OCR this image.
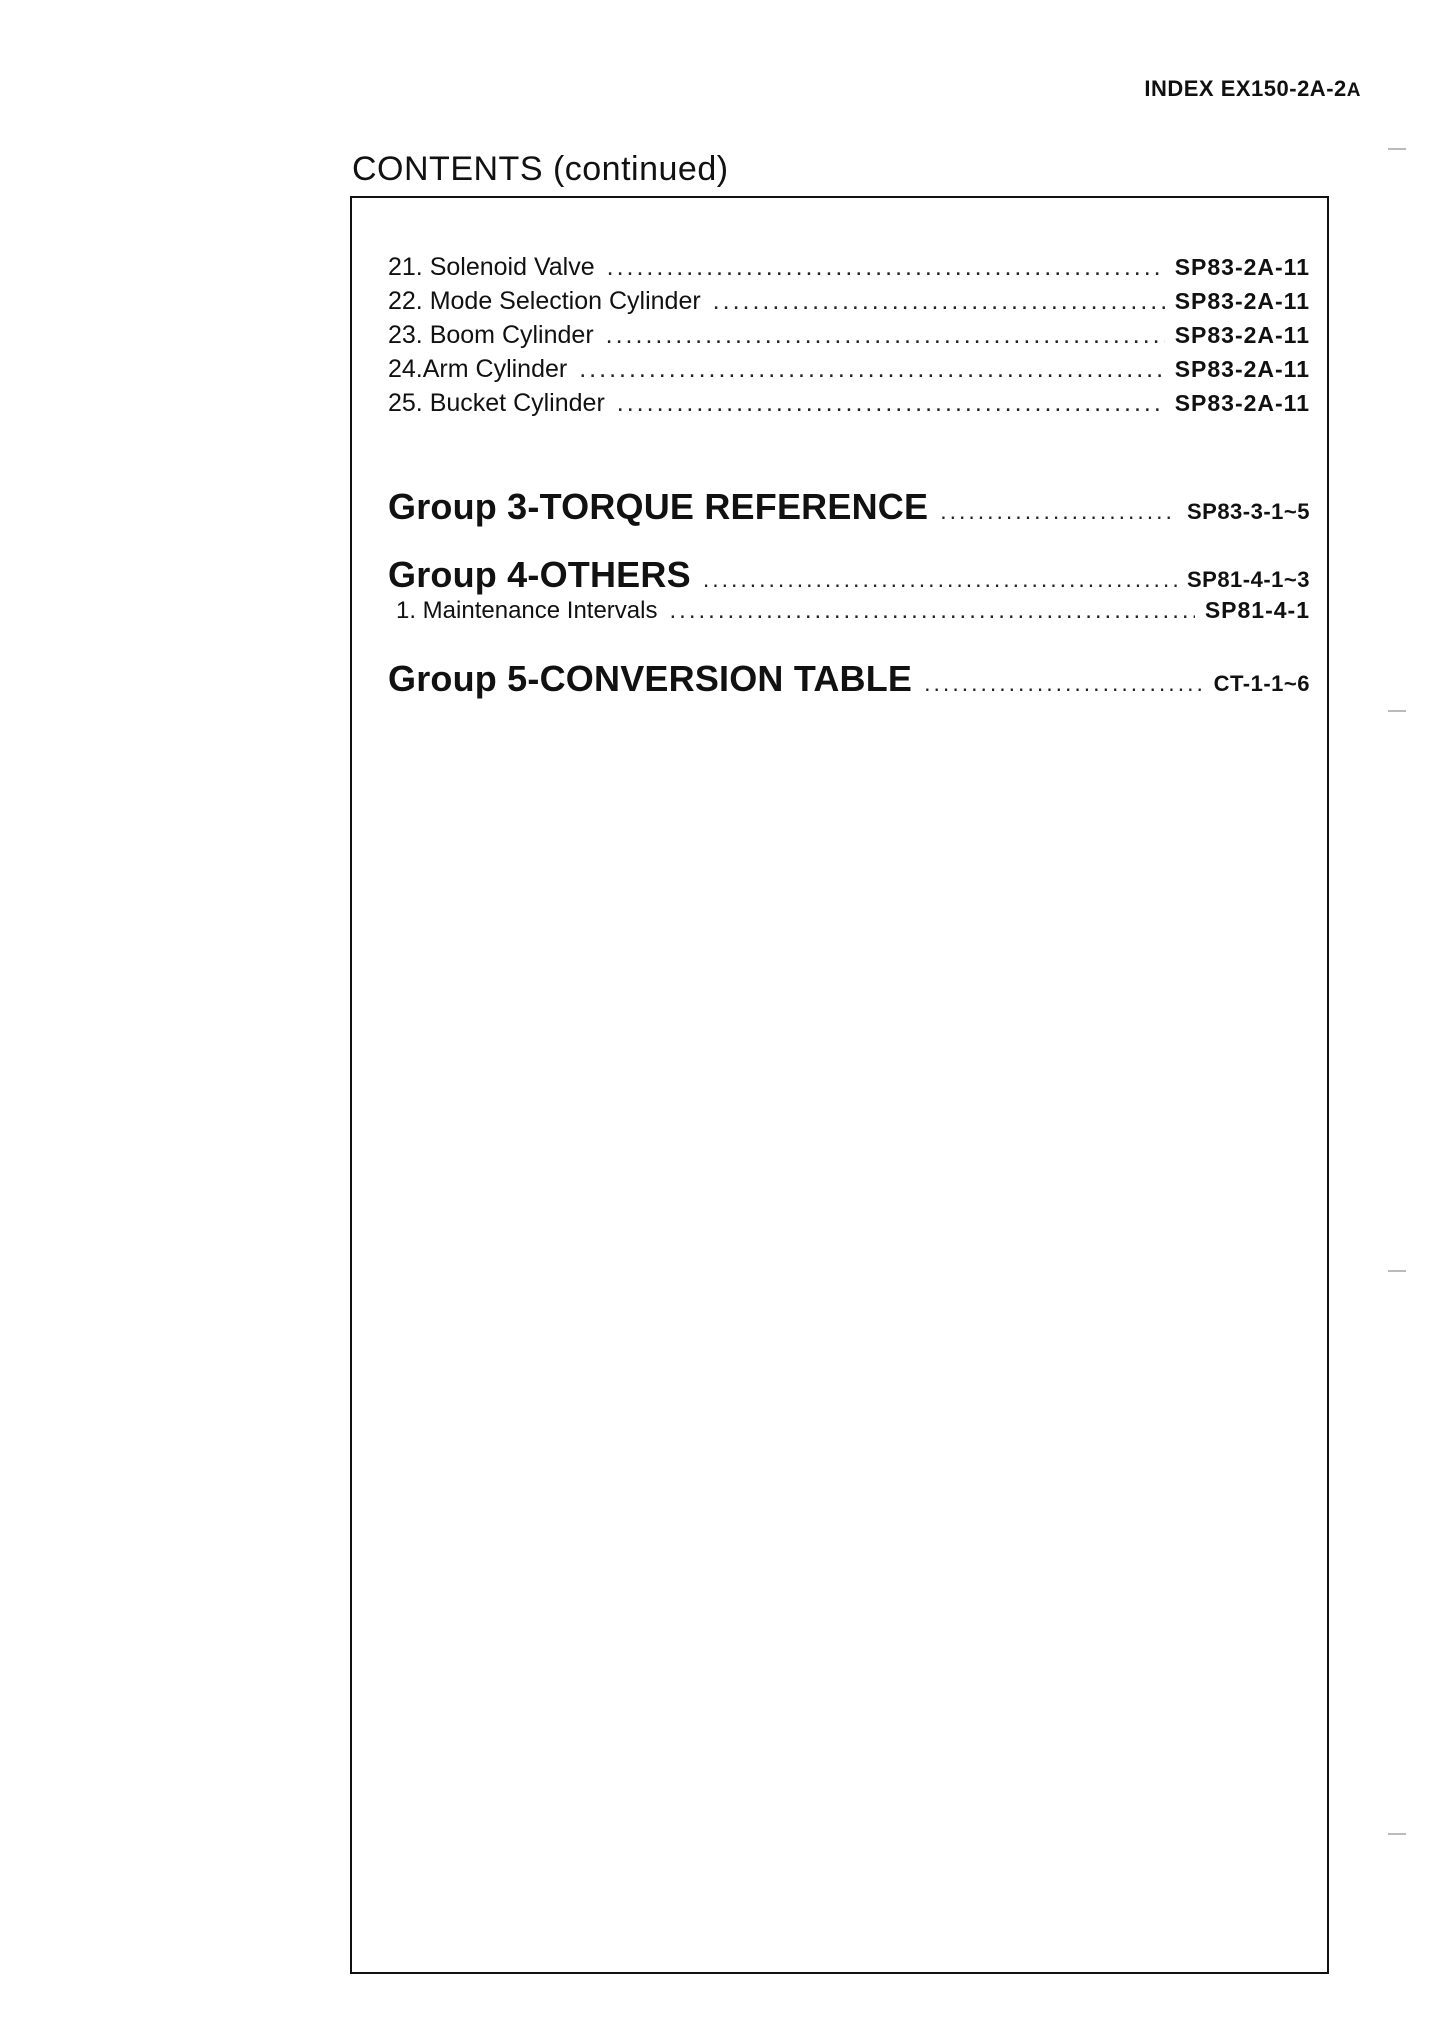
INDEX EX150-2A-2A
CONTENTS (continued)
21. Solenoid Valve .....	SP83-2A-11
22. Mode Selection Cylinder .....	SP83-2A-11
23. Boom Cylinder .....	SP83-2A-11
24.Arm Cylinder .....	SP83-2A-11
25. Bucket Cylinder .....	SP83-2A-11
Group 3-TORQUE REFERENCE .....	SP83-3-1~5
Group 4-OTHERS .....	SP81-4-1~3
1. Maintenance Intervals .....	SP81-4-1
Group 5-CONVERSION TABLE .....	CT-1-1~6
